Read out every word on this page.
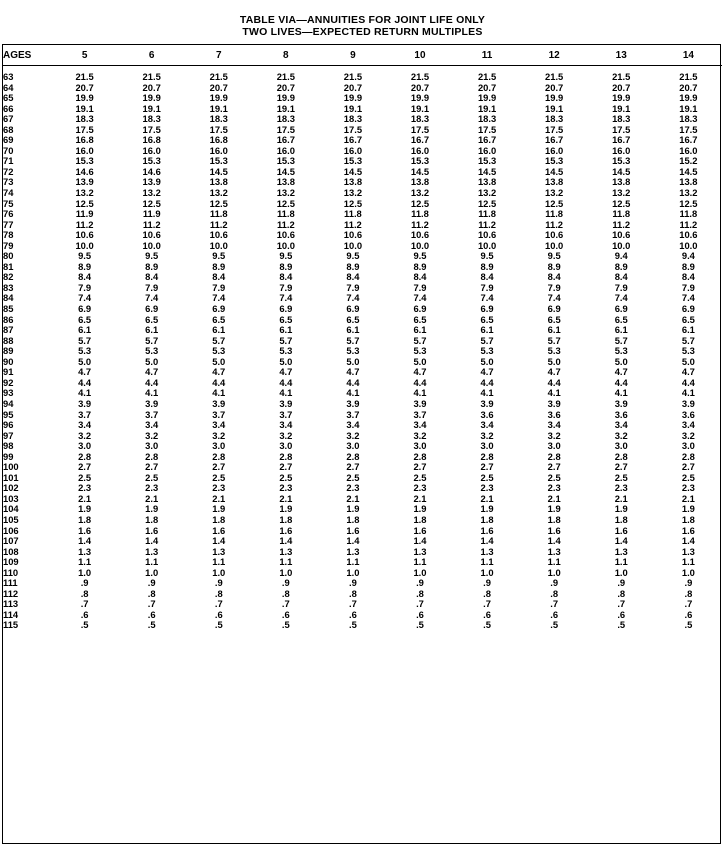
TABLE VIA—ANNUITIES FOR JOINT LIFE ONLY
TWO LIVES—EXPECTED RETURN MULTIPLES
AGES	5	6	7	8	9	10	11	12	13	14

63	21.5	21.5	21.5	21.5	21.5	21.5	21.5	21.5	21.5	21.5
64	20.7	20.7	20.7	20.7	20.7	20.7	20.7	20.7	20.7	20.7
65	19.9	19.9	19.9	19.9	19.9	19.9	19.9	19.9	19.9	19.9
66	19.1	19.1	19.1	19.1	19.1	19.1	19.1	19.1	19.1	19.1
67	18.3	18.3	18.3	18.3	18.3	18.3	18.3	18.3	18.3	18.3
68	17.5	17.5	17.5	17.5	17.5	17.5	17.5	17.5	17.5	17.5
69	16.8	16.8	16.8	16.7	16.7	16.7	16.7	16.7	16.7	16.7
70	16.0	16.0	16.0	16.0	16.0	16.0	16.0	16.0	16.0	16.0
71	15.3	15.3	15.3	15.3	15.3	15.3	15.3	15.3	15.3	15.2
72	14.6	14.6	14.5	14.5	14.5	14.5	14.5	14.5	14.5	14.5
73	13.9	13.9	13.8	13.8	13.8	13.8	13.8	13.8	13.8	13.8
74	13.2	13.2	13.2	13.2	13.2	13.2	13.2	13.2	13.2	13.2
75	12.5	12.5	12.5	12.5	12.5	12.5	12.5	12.5	12.5	12.5
76	11.9	11.9	11.8	11.8	11.8	11.8	11.8	11.8	11.8	11.8
77	11.2	11.2	11.2	11.2	11.2	11.2	11.2	11.2	11.2	11.2
78	10.6	10.6	10.6	10.6	10.6	10.6	10.6	10.6	10.6	10.6
79	10.0	10.0	10.0	10.0	10.0	10.0	10.0	10.0	10.0	10.0
80	9.5	9.5	9.5	9.5	9.5	9.5	9.5	9.5	9.4	9.4
81	8.9	8.9	8.9	8.9	8.9	8.9	8.9	8.9	8.9	8.9
82	8.4	8.4	8.4	8.4	8.4	8.4	8.4	8.4	8.4	8.4
83	7.9	7.9	7.9	7.9	7.9	7.9	7.9	7.9	7.9	7.9
84	7.4	7.4	7.4	7.4	7.4	7.4	7.4	7.4	7.4	7.4
85	6.9	6.9	6.9	6.9	6.9	6.9	6.9	6.9	6.9	6.9
86	6.5	6.5	6.5	6.5	6.5	6.5	6.5	6.5	6.5	6.5
87	6.1	6.1	6.1	6.1	6.1	6.1	6.1	6.1	6.1	6.1
88	5.7	5.7	5.7	5.7	5.7	5.7	5.7	5.7	5.7	5.7
89	5.3	5.3	5.3	5.3	5.3	5.3	5.3	5.3	5.3	5.3
90	5.0	5.0	5.0	5.0	5.0	5.0	5.0	5.0	5.0	5.0
91	4.7	4.7	4.7	4.7	4.7	4.7	4.7	4.7	4.7	4.7
92	4.4	4.4	4.4	4.4	4.4	4.4	4.4	4.4	4.4	4.4
93	4.1	4.1	4.1	4.1	4.1	4.1	4.1	4.1	4.1	4.1
94	3.9	3.9	3.9	3.9	3.9	3.9	3.9	3.9	3.9	3.9
95	3.7	3.7	3.7	3.7	3.7	3.7	3.6	3.6	3.6	3.6
96	3.4	3.4	3.4	3.4	3.4	3.4	3.4	3.4	3.4	3.4
97	3.2	3.2	3.2	3.2	3.2	3.2	3.2	3.2	3.2	3.2
98	3.0	3.0	3.0	3.0	3.0	3.0	3.0	3.0	3.0	3.0
99	2.8	2.8	2.8	2.8	2.8	2.8	2.8	2.8	2.8	2.8
100	2.7	2.7	2.7	2.7	2.7	2.7	2.7	2.7	2.7	2.7
101	2.5	2.5	2.5	2.5	2.5	2.5	2.5	2.5	2.5	2.5
102	2.3	2.3	2.3	2.3	2.3	2.3	2.3	2.3	2.3	2.3
103	2.1	2.1	2.1	2.1	2.1	2.1	2.1	2.1	2.1	2.1
104	1.9	1.9	1.9	1.9	1.9	1.9	1.9	1.9	1.9	1.9
105	1.8	1.8	1.8	1.8	1.8	1.8	1.8	1.8	1.8	1.8
106	1.6	1.6	1.6	1.6	1.6	1.6	1.6	1.6	1.6	1.6
107	1.4	1.4	1.4	1.4	1.4	1.4	1.4	1.4	1.4	1.4
108	1.3	1.3	1.3	1.3	1.3	1.3	1.3	1.3	1.3	1.3
109	1.1	1.1	1.1	1.1	1.1	1.1	1.1	1.1	1.1	1.1
110	1.0	1.0	1.0	1.0	1.0	1.0	1.0	1.0	1.0	1.0
111	.9	.9	.9	.9	.9	.9	.9	.9	.9	.9
112	.8	.8	.8	.8	.8	.8	.8	.8	.8	.8
113	.7	.7	.7	.7	.7	.7	.7	.7	.7	.7
114	.6	.6	.6	.6	.6	.6	.6	.6	.6	.6
115	.5	.5	.5	.5	.5	.5	.5	.5	.5	.5
